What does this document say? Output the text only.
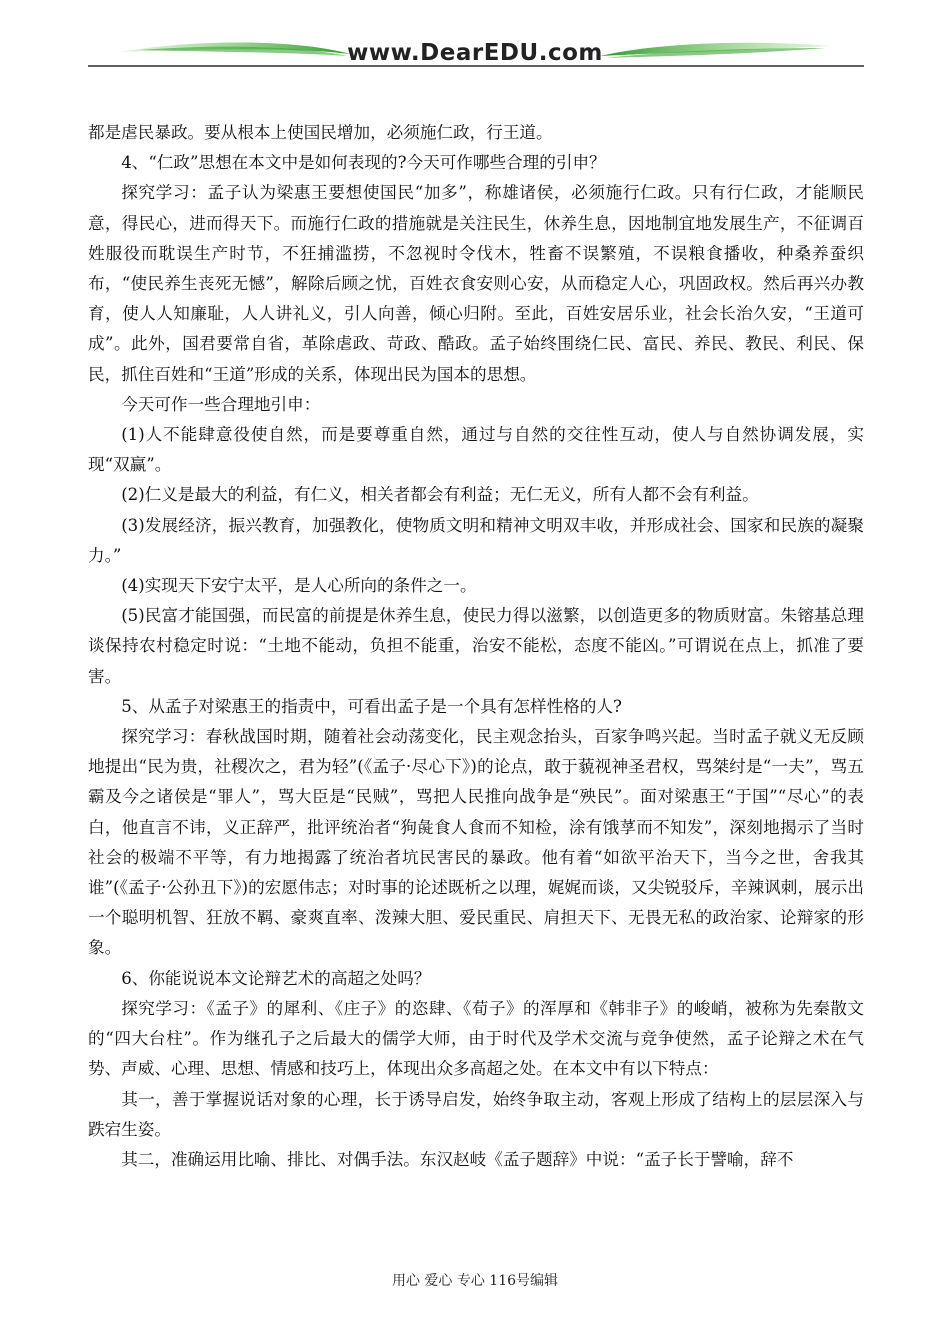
www.DearEDU.com

都是虐民暴政。要从根本上使国民增加，必须施仁政，行王道。

4、“仁政”思想在本文中是如何表现的?今天可作哪些合理的引申？

探究学习：孟子认为梁惠王要想使国民“加多”，称雄诸侯，必须施行仁政。只有行仁政，才能顺民意，得民心，进而得天下。而施行仁政的措施就是关注民生，休养生息，因地制宜地发展生产，不征调百姓服役而耽误生产时节，不狂捕滥捞，不忽视时令伐木，牲畜不误繁殖，不误粮食播收，种桑养蚕织布，“使民养生丧死无憾”，解除后顾之忧，百姓衣食安则心安，从而稳定人心，巩固政权。然后再兴办教育，使人人知廉耻，人人讲礼义，引人向善，倾心归附。至此，百姓安居乐业，社会长治久安，“王道可成”。此外，国君要常自省，革除虐政、苛政、酷政。孟子始终围绕仁民、富民、养民、教民、利民、保民，抓住百姓和“王道”形成的关系，体现出民为国本的思想。

今天可作一些合理地引申：

(1)人不能肆意役使自然，而是要尊重自然，通过与自然的交往性互动，使人与自然协调发展，实现“双赢”。

(2)仁义是最大的利益，有仁义，相关者都会有利益；无仁无义，所有人都不会有利益。

(3)发展经济，振兴教育，加强教化，使物质文明和精神文明双丰收，并形成社会、国家和民族的凝聚力。”

(4)实现天下安宁太平，是人心所向的条件之一。

(5)民富才能国强，而民富的前提是休养生息，使民力得以滋繁，以创造更多的物质财富。朱镕基总理谈保持农村稳定时说：“土地不能动，负担不能重，治安不能松，态度不能凶。”可谓说在点上，抓准了要害。

5、从孟子对梁惠王的指责中，可看出孟子是一个具有怎样性格的人?

探究学习：春秋战国时期，随着社会动荡变化，民主观念抬头，百家争鸣兴起。当时孟子就义无反顾地提出“民为贵，社稷次之，君为轻”(《孟子·尽心下》)的论点，敢于藐视神圣君权，骂桀纣是“一夫”，骂五霸及今之诸侯是“罪人”，骂大臣是“民贼”，骂把人民推向战争是“殃民”。面对梁惠王“于国”“尽心”的表白，他直言不讳，义正辞严，批评统治者“狗彘食人食而不知检，涂有饿莩而不知发”，深刻地揭示了当时社会的极端不平等，有力地揭露了统治者坑民害民的暴政。他有着“如欲平治天下，当今之世，舍我其谁”(《孟子·公孙丑下》)的宏愿伟志；对时事的论述既析之以理，娓娓而谈，又尖锐驳斥，辛辣讽刺，展示出一个聪明机智、狂放不羁、豪爽直率、泼辣大胆、爱民重民、肩担天下、无畏无私的政治家、论辩家的形象。

6、你能说说本文论辩艺术的高超之处吗？

探究学习：《孟子》的犀利、《庄子》的恣肆、《荀子》的浑厚和《韩非子》的峻峭，被称为先秦散文的“四大台柱”。作为继孔子之后最大的儒学大师，由于时代及学术交流与竞争使然，孟子论辩之术在气势、声威、心理、思想、情感和技巧上，体现出众多高超之处。在本文中有以下特点：

其一，善于掌握说话对象的心理，长于诱导启发，始终争取主动，客观上形成了结构上的层层深入与跌宕生姿。

其二，准确运用比喻、排比、对偶手法。东汉赵岐《孟子题辞》中说：“孟子长于譬喻，辞不

用心 爱心 专心 116号编辑
